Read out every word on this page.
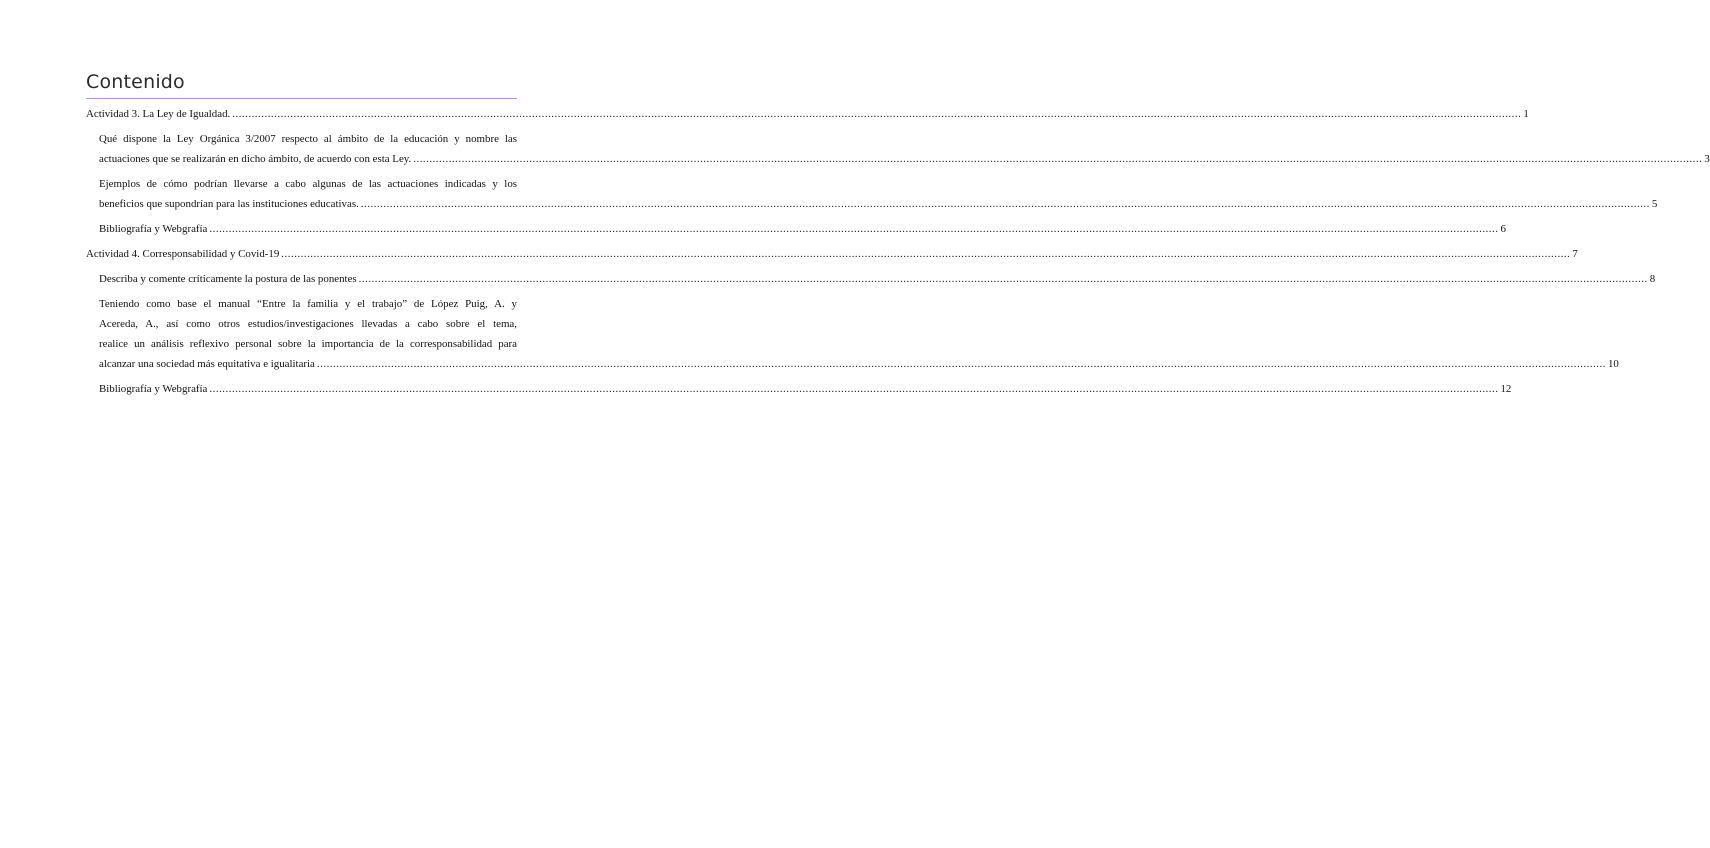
Contenido
Actividad 3. La Ley de Igualdad. ................................................................................................................................................................................................................................................................................................................................................................................................................ 1
Qué dispone la Ley Orgánica 3/2007 respecto al ámbito de la educación y nombre las
actuaciones que se realizarán en dicho ámbito, de acuerdo con esta Ley. ................................................................................................................................................................................................................................................................................................................................................................................................................ 3
Ejemplos de cómo podrían llevarse a cabo algunas de las actuaciones indicadas y los
beneficios que supondrían para las instituciones educativas. ................................................................................................................................................................................................................................................................................................................................................................................................................ 5
Bibliografía y Webgrafía ................................................................................................................................................................................................................................................................................................................................................................................................................ 6
Actividad 4. Corresponsabilidad y Covid-19 ................................................................................................................................................................................................................................................................................................................................................................................................................ 7
Describa y comente críticamente la postura de las ponentes ................................................................................................................................................................................................................................................................................................................................................................................................................ 8
Teniendo como base el manual “Entre la familia y el trabajo” de López Puig, A. y
Acereda, A., así como otros estudios/investigaciones llevadas a cabo sobre el tema,
realice un análisis reflexivo personal sobre la importancia de la corresponsabilidad para
alcanzar una sociedad más equitativa e igualitaria ................................................................................................................................................................................................................................................................................................................................................................................................................ 10
Bibliografía y Webgrafía ................................................................................................................................................................................................................................................................................................................................................................................................................ 12
